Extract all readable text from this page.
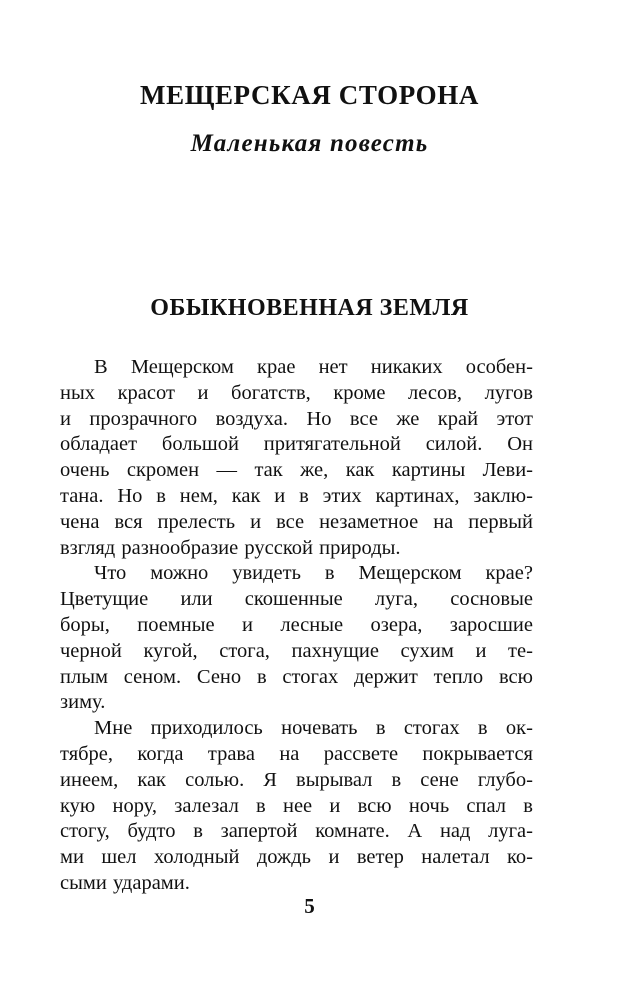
МЕЩЕРСКАЯ СТОРОНА
Маленькая повесть
ОБЫКНОВЕННАЯ ЗЕМЛЯ
В Мещерском крае нет никаких особен-
ных красот и богатств, кроме лесов, лугов
и прозрачного воздуха. Но все же край этот
обладает большой притягательной силой. Он
очень скромен — так же, как картины Леви-
тана. Но в нем, как и в этих картинах, заклю-
чена вся прелесть и все незаметное на первый
взгляд разнообразие русской природы.
Что можно увидеть в Мещерском крае?
Цветущие или скошенные луга, сосновые
боры, поемные и лесные озера, заросшие
черной кугой, стога, пахнущие сухим и те-
плым сеном. Сено в стогах держит тепло всю
зиму.
Мне приходилось ночевать в стогах в ок-
тябре, когда трава на рассвете покрывается
инеем, как солью. Я вырывал в сене глубо-
кую нору, залезал в нее и всю ночь спал в
стогу, будто в запертой комнате. А над луга-
ми шел холодный дождь и ветер налетал ко-
сыми ударами.
5
